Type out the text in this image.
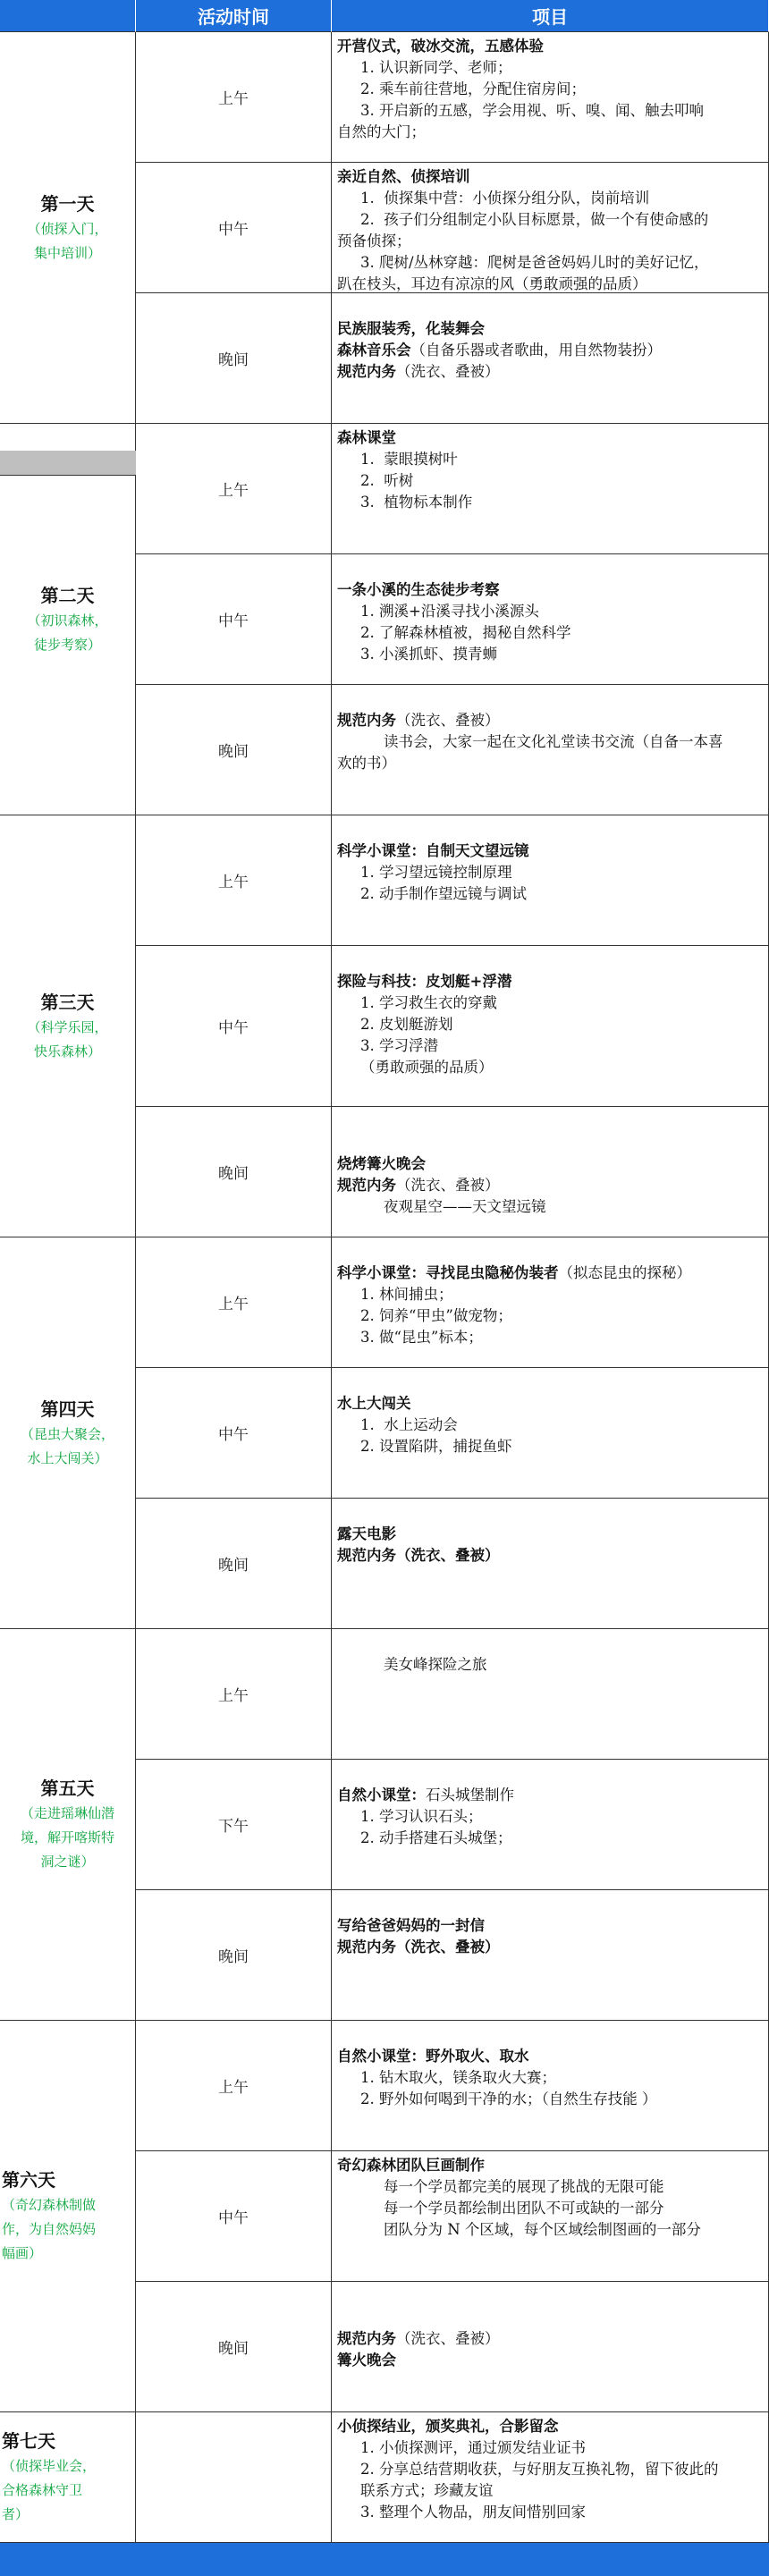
活动时间	项目
第一天
（侦探入门，
集中培训）
上午
开营仪式，破冰交流，五感体验
1. 认识新同学、老师；
2. 乘车前往营地，分配住宿房间；
3. 开启新的五感，学会用视、听、嗅、闻、触去叩响
自然的大门；
中午
亲近自然、侦探培训
1.  侦探集中营：小侦探分组分队，岗前培训
2.  孩子们分组制定小队目标愿景，做一个有使命感的
预备侦探；
3. 爬树/丛林穿越：爬树是爸爸妈妈儿时的美好记忆，
趴在枝头，耳边有凉凉的风（勇敢顽强的品质）
晚间

民族服装秀，化装舞会
森林音乐会（自备乐器或者歌曲，用自然物装扮）
规范内务（洗衣、叠被）
第二天
（初识森林，
徒步考察）
上午
森林课堂
1.  蒙眼摸树叶
2.  听树
3.  植物标本制作
中午

一条小溪的生态徒步考察
1. 溯溪+沿溪寻找小溪源头
2. 了解森林植被，揭秘自然科学
3. 小溪抓虾、摸青蛳
晚间

规范内务（洗衣、叠被）
读书会，大家一起在文化礼堂读书交流（自备一本喜
欢的书）
第三天
（科学乐园，
快乐森林）
上午

科学小课堂：自制天文望远镜
1. 学习望远镜控制原理
2. 动手制作望远镜与调试
中午

探险与科技：皮划艇+浮潜
1. 学习救生衣的穿戴
2. 皮划艇游划
3. 学习浮潜
（勇敢顽强的品质）
晚间

烧烤篝火晚会
规范内务（洗衣、叠被）
夜观星空——天文望远镜
第四天
（昆虫大聚会，
水上大闯关）
上午

科学小课堂：寻找昆虫隐秘伪装者（拟态昆虫的探秘）
1. 林间捕虫；
2. 饲养“甲虫”做宠物；
3. 做“昆虫”标本；
中午

水上大闯关
1.  水上运动会
2. 设置陷阱，捕捉鱼虾
晚间

露天电影
规范内务（洗衣、叠被）
第五天
（走进瑶琳仙潜
境，解开喀斯特
洞之谜）
上午

美女峰探险之旅
下午

自然小课堂：石头城堡制作
1. 学习认识石头；
2. 动手搭建石头城堡；
晚间

写给爸爸妈妈的一封信
规范内务（洗衣、叠被）
第六天
（奇幻森林制做
作，为自然妈妈
幅画）
上午

自然小课堂：野外取火、取水
1. 钻木取火，镁条取火大赛；
2. 野外如何喝到干净的水；（自然生存技能 ）
中午
奇幻森林团队巨画制作
每一个学员都完美的展现了挑战的无限可能
每一个学员都绘制出团队不可或缺的一部分
团队分为 N 个区域，每个区域绘制图画的一部分
晚间

规范内务（洗衣、叠被）
篝火晚会
第七天
（侦探毕业会，
合格森林守卫
者）
小侦探结业，颁奖典礼，合影留念
1. 小侦探测评，通过颁发结业证书
2. 分享总结营期收获，与好朋友互换礼物，留下彼此的
联系方式；珍藏友谊
3. 整理个人物品，朋友间惜别回家
